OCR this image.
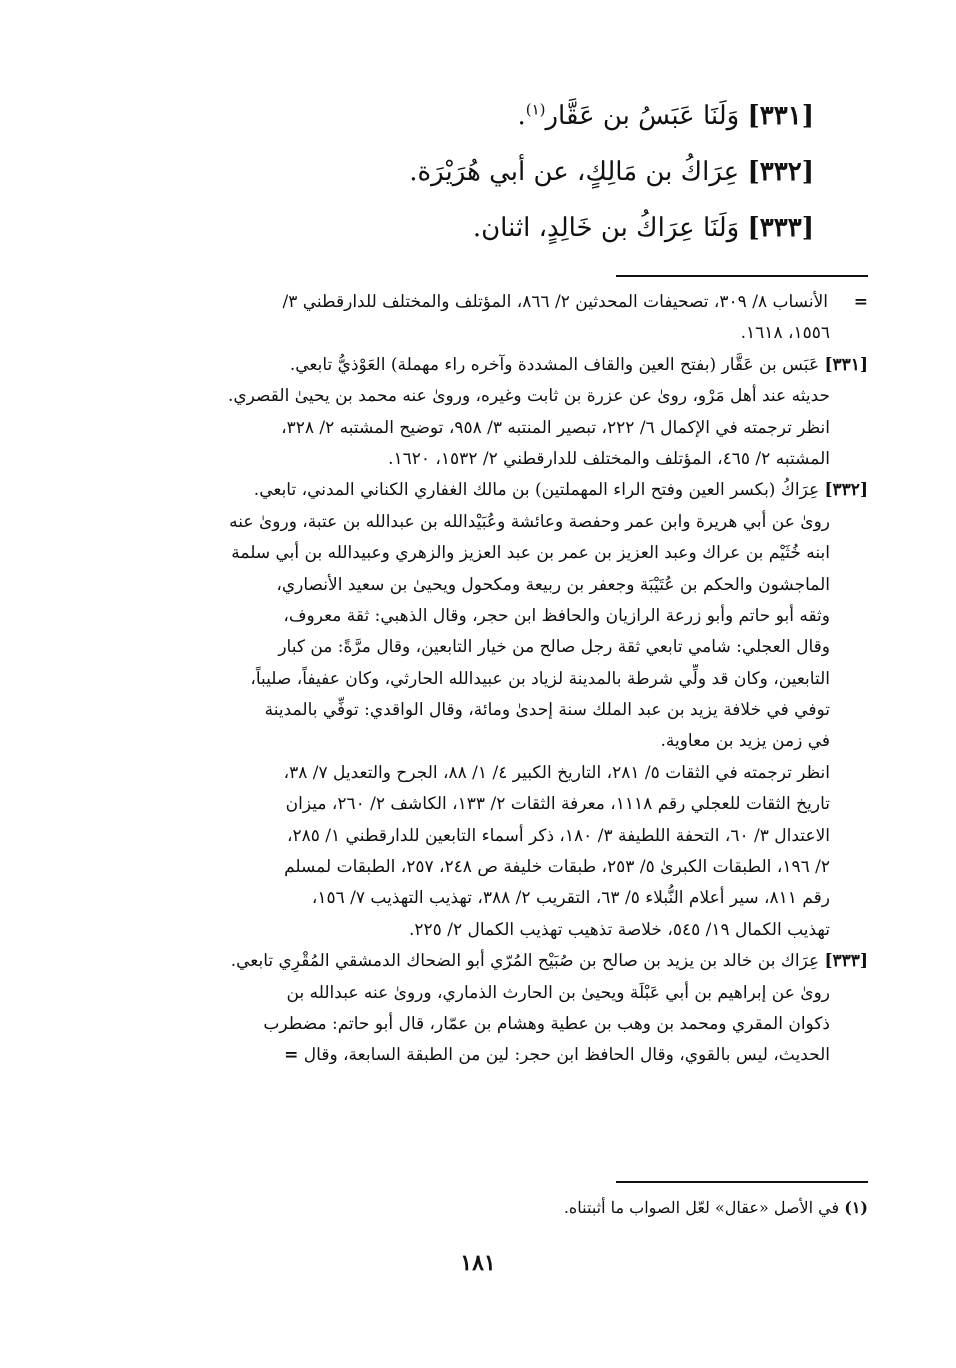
[٣٣١] وَلَنَا عَبَسُ بن عَقَّار$^{(١)}$.
[٣٣٢] عِرَاكُ بن مَالِكٍ، عن أبي هُرَيْرَة.
[٣٣٣] وَلَنَا عِرَاكُ بن خَالِدٍ، اثنان.
=الأنساب ٨/ ٣٠٩، تصحيفات المحدثين ٢/ ٨٦٦، المؤتلف والمختلف للدارقطني ٣/
١٥٥٦، ١٦١٨.
[٣٣١] عَبَس بن عَقَّار (بفتح العين والقاف المشددة وآخره راء مهملة) العَوْذيُّ تابعي.
حديثه عند أهل مَرْو، روىٰ عن عزرة بن ثابت وغيره، وروىٰ عنه محمد بن يحيىٰ القصري.
انظر ترجمته في الإكمال ٦/ ٢٢٢، تبصير المنتبه ٣/ ٩٥٨، توضيح المشتبه ٢/ ٣٢٨،
المشتبه ٢/ ٤٦٥، المؤتلف والمختلف للدارقطني ٢/ ١٥٣٢، ١٦٢٠.
[٣٣٢] عِرَاكُ (بكسر العين وفتح الراء المهملتين) بن مالك الغفاري الكناني المدني، تابعي.
روىٰ عن أبي هريرة وابن عمر وحفصة وعائشة وعُبَيْدالله بن عبدالله بن عتبة، وروىٰ عنه
ابنه خُثَيْم بن عراك وعبد العزيز بن عمر بن عبد العزيز والزهري وعبيدالله بن أبي سلمة
الماجشون والحكم بن عُتَيْبَة وجعفر بن ربيعة ومكحول ويحيىٰ بن سعيد الأنصاري،
وثقه أبو حاتم وأبو زرعة الرازيان والحافظ ابن حجر، وقال الذهبي: ثقة معروف،
وقال العجلي: شامي تابعي ثقة رجل صالح من خيار التابعين، وقال مرَّةً: من كبار
التابعين، وكان قد ولِّي شرطة بالمدينة لزياد بن عبيدالله الحارثي، وكان عفيفاً، صليباً،
توفي في خلافة يزيد بن عبد الملك سنة إحدىٰ ومائة، وقال الواقدي: توفِّي بالمدينة
في زمن يزيد بن معاوية.
انظر ترجمته في الثقات ٥/ ٢٨١، التاريخ الكبير ٤/ ١/ ٨٨، الجرح والتعديل ٧/ ٣٨،
تاريخ الثقات للعجلي رقم ١١١٨، معرفة الثقات ٢/ ١٣٣، الكاشف ٢/ ٢٦٠، ميزان
الاعتدال ٣/ ٦٠، التحفة اللطيفة ٣/ ١٨٠، ذكر أسماء التابعين للدارقطني ١/ ٢٨٥،
٢/ ١٩٦، الطبقات الكبرىٰ ٥/ ٢٥٣، طبقات خليفة ص ٢٤٨، ٢٥٧، الطبقات لمسلم
رقم ٨١١، سير أعلام النُّبلاء ٥/ ٦٣، التقريب ٢/ ٣٨٨، تهذيب التهذيب ٧/ ١٥٦،
تهذيب الكمال ١٩/ ٥٤٥، خلاصة تذهيب تهذيب الكمال ٢/ ٢٢٥.
[٣٣٣] عِرَاك بن خالد بن يزيد بن صالح بن صُبَيْح المُرّي أبو الضحاك الدمشقي المُقْرِي تابعي.
روىٰ عن إبراهيم بن أبي عَبْلَة ويحيىٰ بن الحارث الذماري، وروىٰ عنه عبدالله بن
ذكوان المقري ومحمد بن وهب بن عطية وهشام بن عمّار، قال أبو حاتم: مضطرب
الحديث، ليس بالقوي، وقال الحافظ ابن حجر: لين من الطبقة السابعة، وقال =
(١) في الأصل «عقال» لعّل الصواب ما أثبتناه.
١٨١
